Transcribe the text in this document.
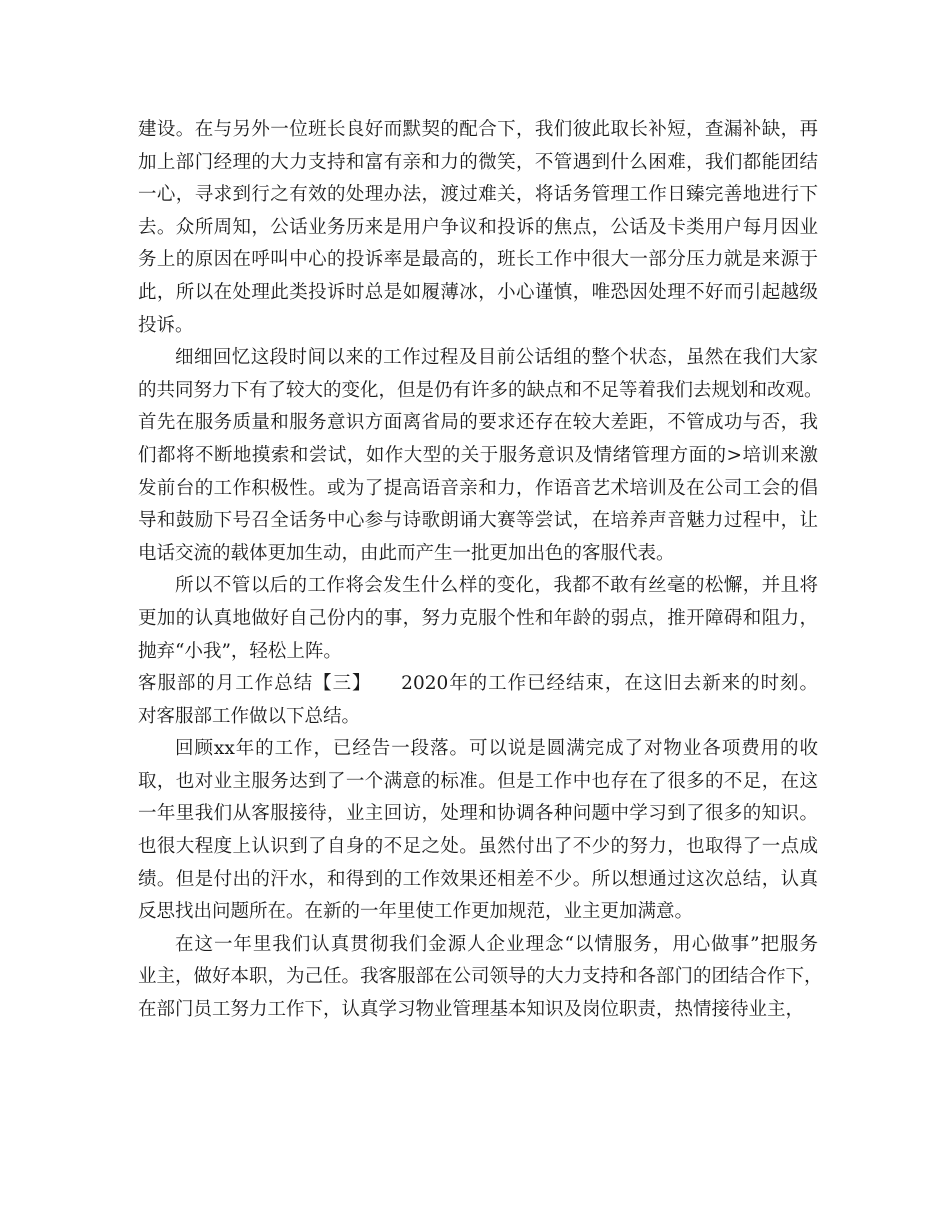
建设。在与另外一位班长良好而默契的配合下，我们彼此取长补短，查漏补缺，再
加上部门经理的大力支持和富有亲和力的微笑，不管遇到什么困难，我们都能团结
一心，寻求到行之有效的处理办法，渡过难关，将话务管理工作日臻完善地进行下
去。众所周知，公话业务历来是用户争议和投诉的焦点，公话及卡类用户每月因业
务上的原因在呼叫中心的投诉率是最高的，班长工作中很大一部分压力就是来源于
此，所以在处理此类投诉时总是如履薄冰，小心谨慎，唯恐因处理不好而引起越级
投诉。
细细回忆这段时间以来的工作过程及目前公话组的整个状态，虽然在我们大家
的共同努力下有了较大的变化，但是仍有许多的缺点和不足等着我们去规划和改观。
首先在服务质量和服务意识方面离省局的要求还存在较大差距，不管成功与否，我
们都将不断地摸索和尝试，如作大型的关于服务意识及情绪管理方面的>培训来激
发前台的工作积极性。或为了提高语音亲和力，作语音艺术培训及在公司工会的倡
导和鼓励下号召全话务中心参与诗歌朗诵大赛等尝试，在培养声音魅力过程中，让
电话交流的载体更加生动，由此而产生一批更加出色的客服代表。
所以不管以后的工作将会发生什么样的变化，我都不敢有丝毫的松懈，并且将
更加的认真地做好自己份内的事，努力克服个性和年龄的弱点，推开障碍和阻力，
抛弃“小我”，轻松上阵。
客服部的月工作总结【三】　　2020年的工作已经结束，在这旧去新来的时刻。
对客服部工作做以下总结。
回顾xx年的工作，已经告一段落。可以说是圆满完成了对物业各项费用的收
取，也对业主服务达到了一个满意的标准。但是工作中也存在了很多的不足，在这
一年里我们从客服接待，业主回访，处理和协调各种问题中学习到了很多的知识。
也很大程度上认识到了自身的不足之处。虽然付出了不少的努力，也取得了一点成
绩。但是付出的汗水，和得到的工作效果还相差不少。所以想通过这次总结，认真
反思找出问题所在。在新的一年里使工作更加规范，业主更加满意。
在这一年里我们认真贯彻我们金源人企业理念“以情服务，用心做事”把服务
业主，做好本职，为己任。我客服部在公司领导的大力支持和各部门的团结合作下，
在部门员工努力工作下，认真学习物业管理基本知识及岗位职责，热情接待业主，
